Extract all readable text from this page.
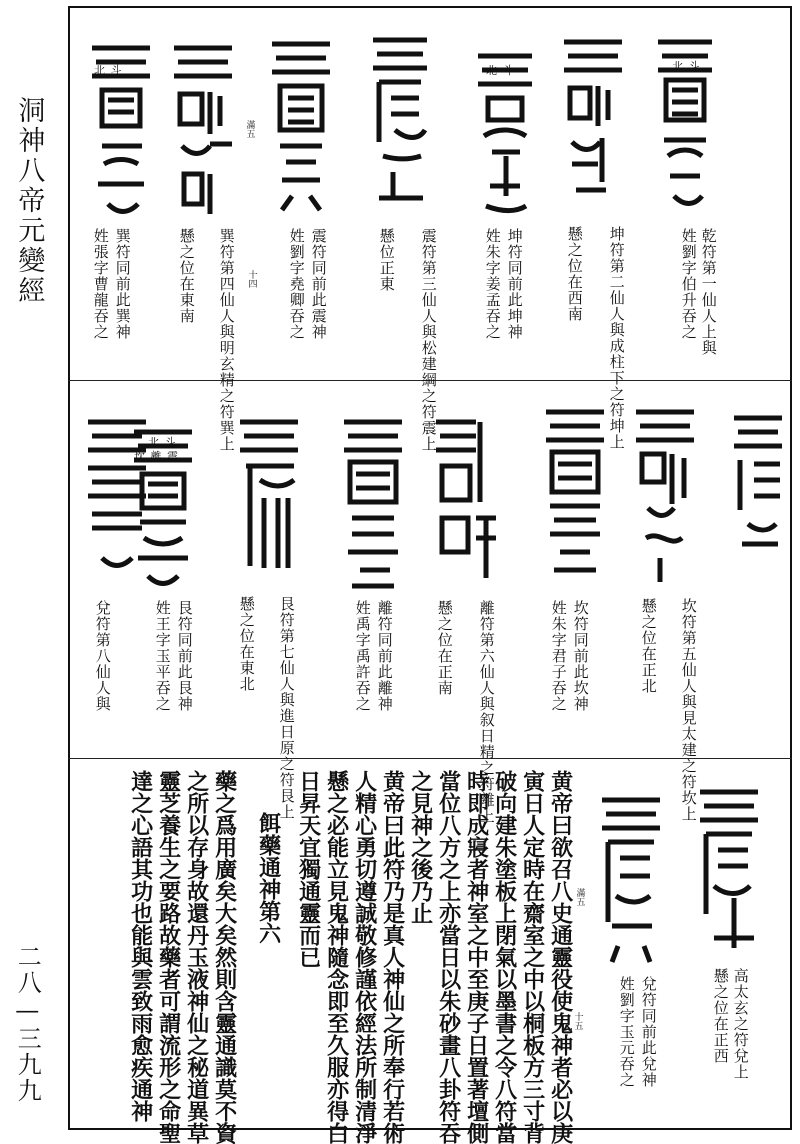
洞神八帝元變經
二八—三九九
北 斗
北 斗
北 斗
滿五
十四	乾符第一仙人上與
姓劉字伯升吞之
坤符第二仙人與成柱下之符坤上
懸之位在西南
坤符同前此坤神
姓朱字姜孟吞之
震符第三仙人與松建綱之符震上
懸位正東
震符同前此震神
姓劉字堯卿吞之
巽符第四仙人與明玄精之符巽上
懸之位在東南
巽符同前此巽神
姓張字曹龍吞之
坎 離 震
北 斗
坎符第五仙人與見太建之符坎上
懸之位在正北
坎符同前此坎神
姓朱字君子吞之
離符第六仙人與叙日精之符離上
懸之位在正南
離符同前此離神
姓禹字禹許吞之
艮符第七仙人與進日原之符艮上
懸之位在東北
艮符同前此艮神
姓王字玉平吞之
兌符第八仙人與
高太玄之符兌上
懸之位在正西
兌符同前此兌神
姓劉字玉元吞之
十五
滿五
黄帝曰欲召八史通靈役使鬼神者必以庚
寅日人定時在齋室之中以桐板方三寸背
破向建朱塗板上閉氣以墨書之令八符當
時即成寢者神室之中至庚子日置著壇側
當位八方之上亦當日以朱砂畫八卦符吞
之見神之後乃止
黄帝曰此符乃是真人神仙之所奉行若術
人精心勇切遵誠敬修謹依經法所制清淨
懸之必能立見鬼神隨念即至久服亦得白
日昇天宜獨通靈而已
餌藥通神第六
藥之爲用廣矣大矣然則含靈通識莫不資
之所以存身故還丹玉液神仙之秘道異草
靈芝養生之要路故藥者可謂流形之命聖
達之心語其功也能與雲致雨愈疾通神
